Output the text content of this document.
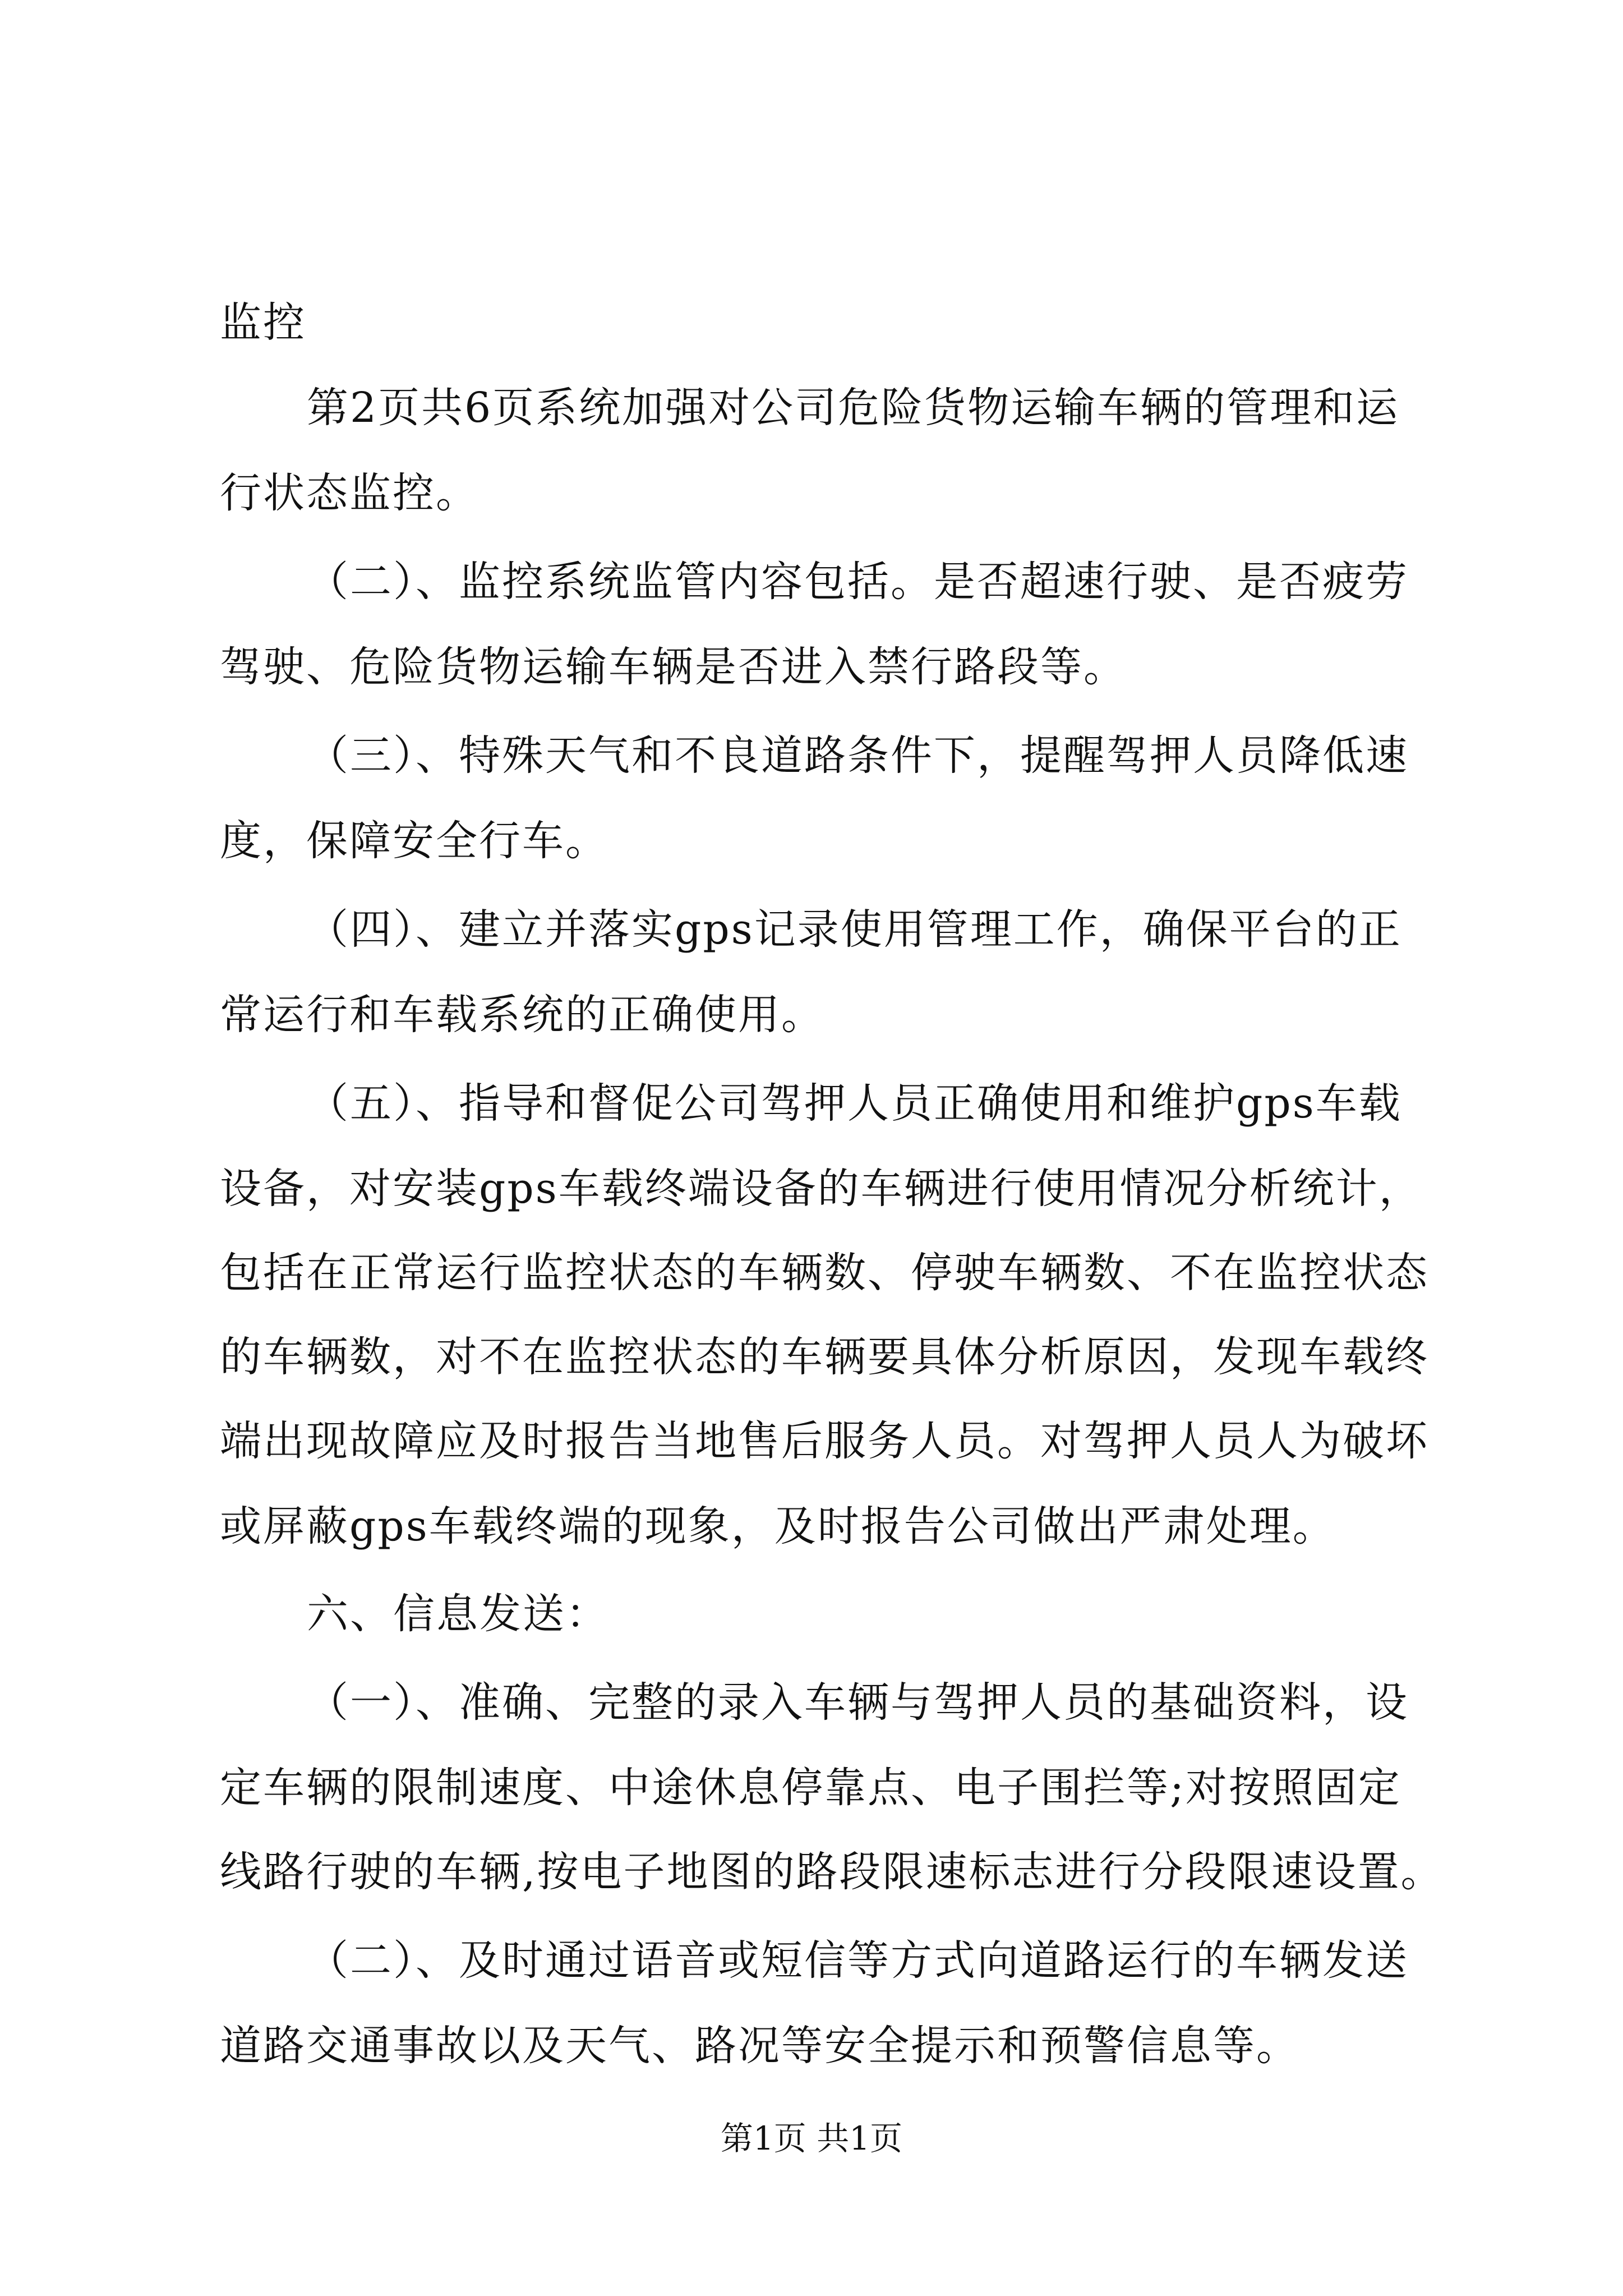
监控
第2页共6页系统加强对公司危险货物运输车辆的管理和运
行状态监控。
（二）、监控系统监管内容包括。是否超速行驶、是否疲劳
驾驶、危险货物运输车辆是否进入禁行路段等。
（三）、特殊天气和不良道路条件下，提醒驾押人员降低速
度，保障安全行车。
（四）、建立并落实gps记录使用管理工作，确保平台的正
常运行和车载系统的正确使用。
（五）、指导和督促公司驾押人员正确使用和维护gps车载
设备，对安装gps车载终端设备的车辆进行使用情况分析统计，
包括在正常运行监控状态的车辆数、停驶车辆数、不在监控状态
的车辆数，对不在监控状态的车辆要具体分析原因，发现车载终
端出现故障应及时报告当地售后服务人员。对驾押人员人为破坏
或屏蔽gps车载终端的现象，及时报告公司做出严肃处理。
六、信息发送：
（一）、准确、完整的录入车辆与驾押人员的基础资料，设
定车辆的限制速度、中途休息停靠点、电子围拦等;对按照固定
线路行驶的车辆,按电子地图的路段限速标志进行分段限速设置。
（二）、及时通过语音或短信等方式向道路运行的车辆发送
道路交通事故以及天气、路况等安全提示和预警信息等。
第1页 共1页
